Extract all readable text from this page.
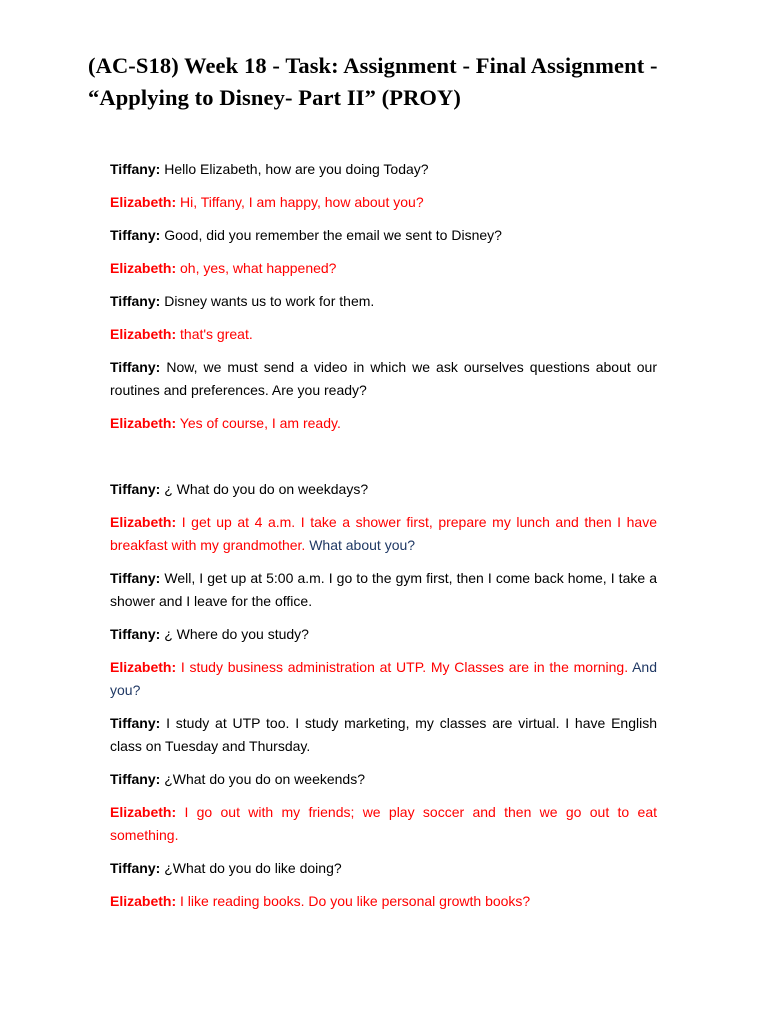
(AC-S18) Week 18 - Task: Assignment - Final Assignment -
“Applying to Disney- Part II” (PROY)

Tiffany: Hello Elizabeth, how are you doing Today?

Elizabeth: Hi, Tiffany, I am happy, how about you?

Tiffany: Good, did you remember the email we sent to Disney?

Elizabeth: oh, yes, what happened?

Tiffany: Disney wants us to work for them.

Elizabeth: that's great.

Tiffany: Now, we must send a video in which we ask ourselves questions about our routines and preferences. Are you ready?

Elizabeth: Yes of course, I am ready.

Tiffany: ¿ What do you do on weekdays?

Elizabeth: I get up at 4 a.m. I take a shower first, prepare my lunch and then I have breakfast with my grandmother. What about you?

Tiffany: Well, I get up at 5:00 a.m. I go to the gym first, then I come back home, I take a shower and I leave for the office.

Tiffany: ¿ Where do you study?

Elizabeth: I study business administration at UTP. My Classes are in the morning. And you?

Tiffany: I study at UTP too. I study marketing, my classes are virtual. I have English class on Tuesday and Thursday.

Tiffany: ¿What do you do on weekends?

Elizabeth: I go out with my friends; we play soccer and then we go out to eat something.

Tiffany: ¿What do you do like doing?

Elizabeth: I like reading books. Do you like personal growth books?
